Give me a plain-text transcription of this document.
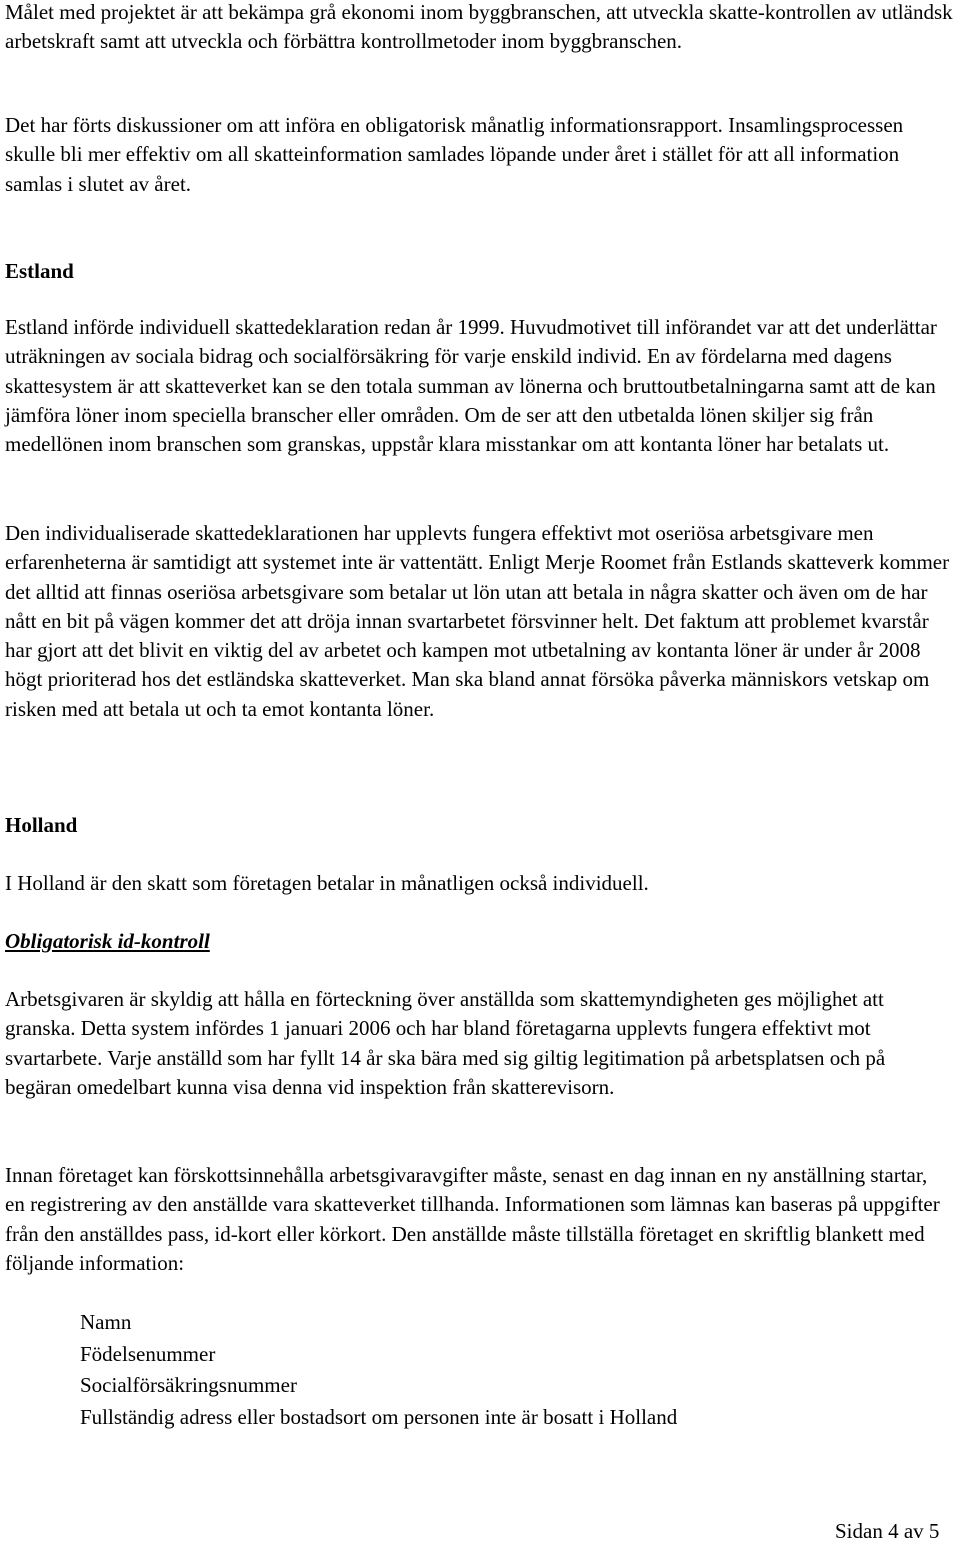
Målet med projektet är att bekämpa grå ekonomi inom byggbranschen, att utveckla skatte-kontrollen av utländsk arbetskraft samt att utveckla och förbättra kontrollmetoder inom byggbranschen.

Det har förts diskussioner om att införa en obligatorisk månatlig informationsrapport. Insamlingsprocessen skulle bli mer effektiv om all skatteinformation samlades löpande under året i stället för att all information samlas i slutet av året.

Estland

Estland införde individuell skattedeklaration redan år 1999. Huvudmotivet till införandet var att det underlättar uträkningen av sociala bidrag och socialförsäkring för varje enskild individ. En av fördelarna med dagens skattesystem är att skatteverket kan se den totala summan av lönerna och bruttoutbetalningarna samt att de kan jämföra löner inom speciella branscher eller områden. Om de ser att den utbetalda lönen skiljer sig från medellönen inom branschen som granskas, uppstår klara misstankar om att kontanta löner har betalats ut.

Den individualiserade skattedeklarationen har upplevts fungera effektivt mot oseriösa arbetsgivare men erfarenheterna är samtidigt att systemet inte är vattentätt. Enligt Merje Roomet från Estlands skatteverk kommer det alltid att finnas oseriösa arbetsgivare som betalar ut lön utan att betala in några skatter och även om de har nått en bit på vägen kommer det att dröja innan svartarbetet försvinner helt. Det faktum att problemet kvarstår har gjort att det blivit en viktig del av arbetet och kampen mot utbetalning av kontanta löner är under år 2008 högt prioriterad hos det estländska skatteverket. Man ska bland annat försöka påverka människors vetskap om risken med att betala ut och ta emot kontanta löner.

Holland

I Holland är den skatt som företagen betalar in månatligen också individuell.

Obligatorisk id-kontroll

Arbetsgivaren är skyldig att hålla en förteckning över anställda som skattemyndigheten ges möjlighet att granska. Detta system infördes 1 januari 2006 och har bland företagarna upplevts fungera effektivt mot svartarbete. Varje anställd som har fyllt 14 år ska bära med sig giltig legitimation på arbetsplatsen och på begäran omedelbart kunna visa denna vid inspektion från skatterevisorn.

Innan företaget kan förskottsinnehålla arbetsgivaravgifter måste, senast en dag innan en ny anställning startar, en registrering av den anställde vara skatteverket tillhanda. Informationen som lämnas kan baseras på uppgifter från den anställdes pass, id-kort eller körkort. Den anställde måste tillställa företaget en skriftlig blankett med följande information:

Namn
Födelsenummer
Socialförsäkringsnummer
Fullständig adress eller bostadsort om personen inte är bosatt i Holland
Sidan 4 av 5
